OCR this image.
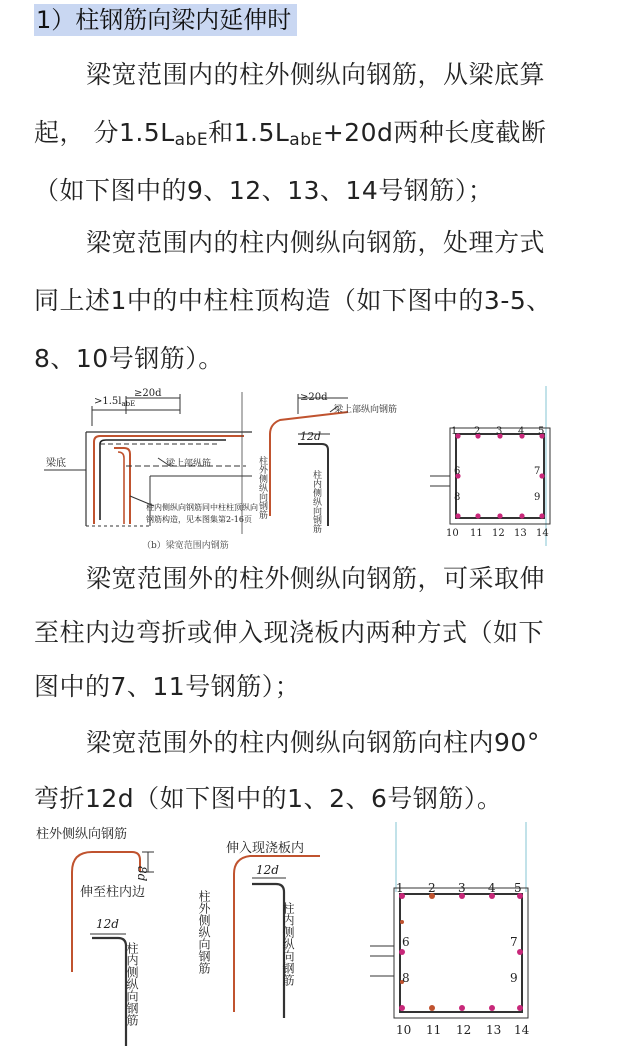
1）柱钢筋向梁内延伸时
梁宽范围内的柱外侧纵向钢筋，从梁底算
起， 分$1.5L_{abE}$和$1.5L_{abE}+20d$两种长度截断
（如下图中的9、12、13、14号钢筋）；
梁宽范围内的柱内侧纵向钢筋，处理方式
同上述1中的中柱柱顶构造（如下图中的3-5、
8、10号钢筋）。
$>1.5l_{abE}$
≥20d
梁底	梁上部纵筋
柱内侧纵向钢筋同中柱柱顶纵向
钢筋构造，见本图集第2-16页
（b）梁宽范围内钢筋
≥20d
梁上部纵向钢筋
12d
柱外侧纵向钢筋	柱内侧纵向钢筋
1 2 3 4 5
6
8
7
9
10 11 12 13 14
梁宽范围外的柱外侧纵向钢筋，可采取伸
至柱内边弯折或伸入现浇板内两种方式（如下
图中的7、11号钢筋）；
梁宽范围外的柱内侧纵向钢筋向柱内90°
弯折12d（如下图中的1、2、6号钢筋）。
柱外侧纵向钢筋
8d
伸至柱内边
12d
柱内侧纵向钢筋
伸入现浇板内
12d
柱外侧纵向钢筋	柱内侧纵向钢筋
1 2 3 4 5
6
8
7
9
10 11 12 13 14
